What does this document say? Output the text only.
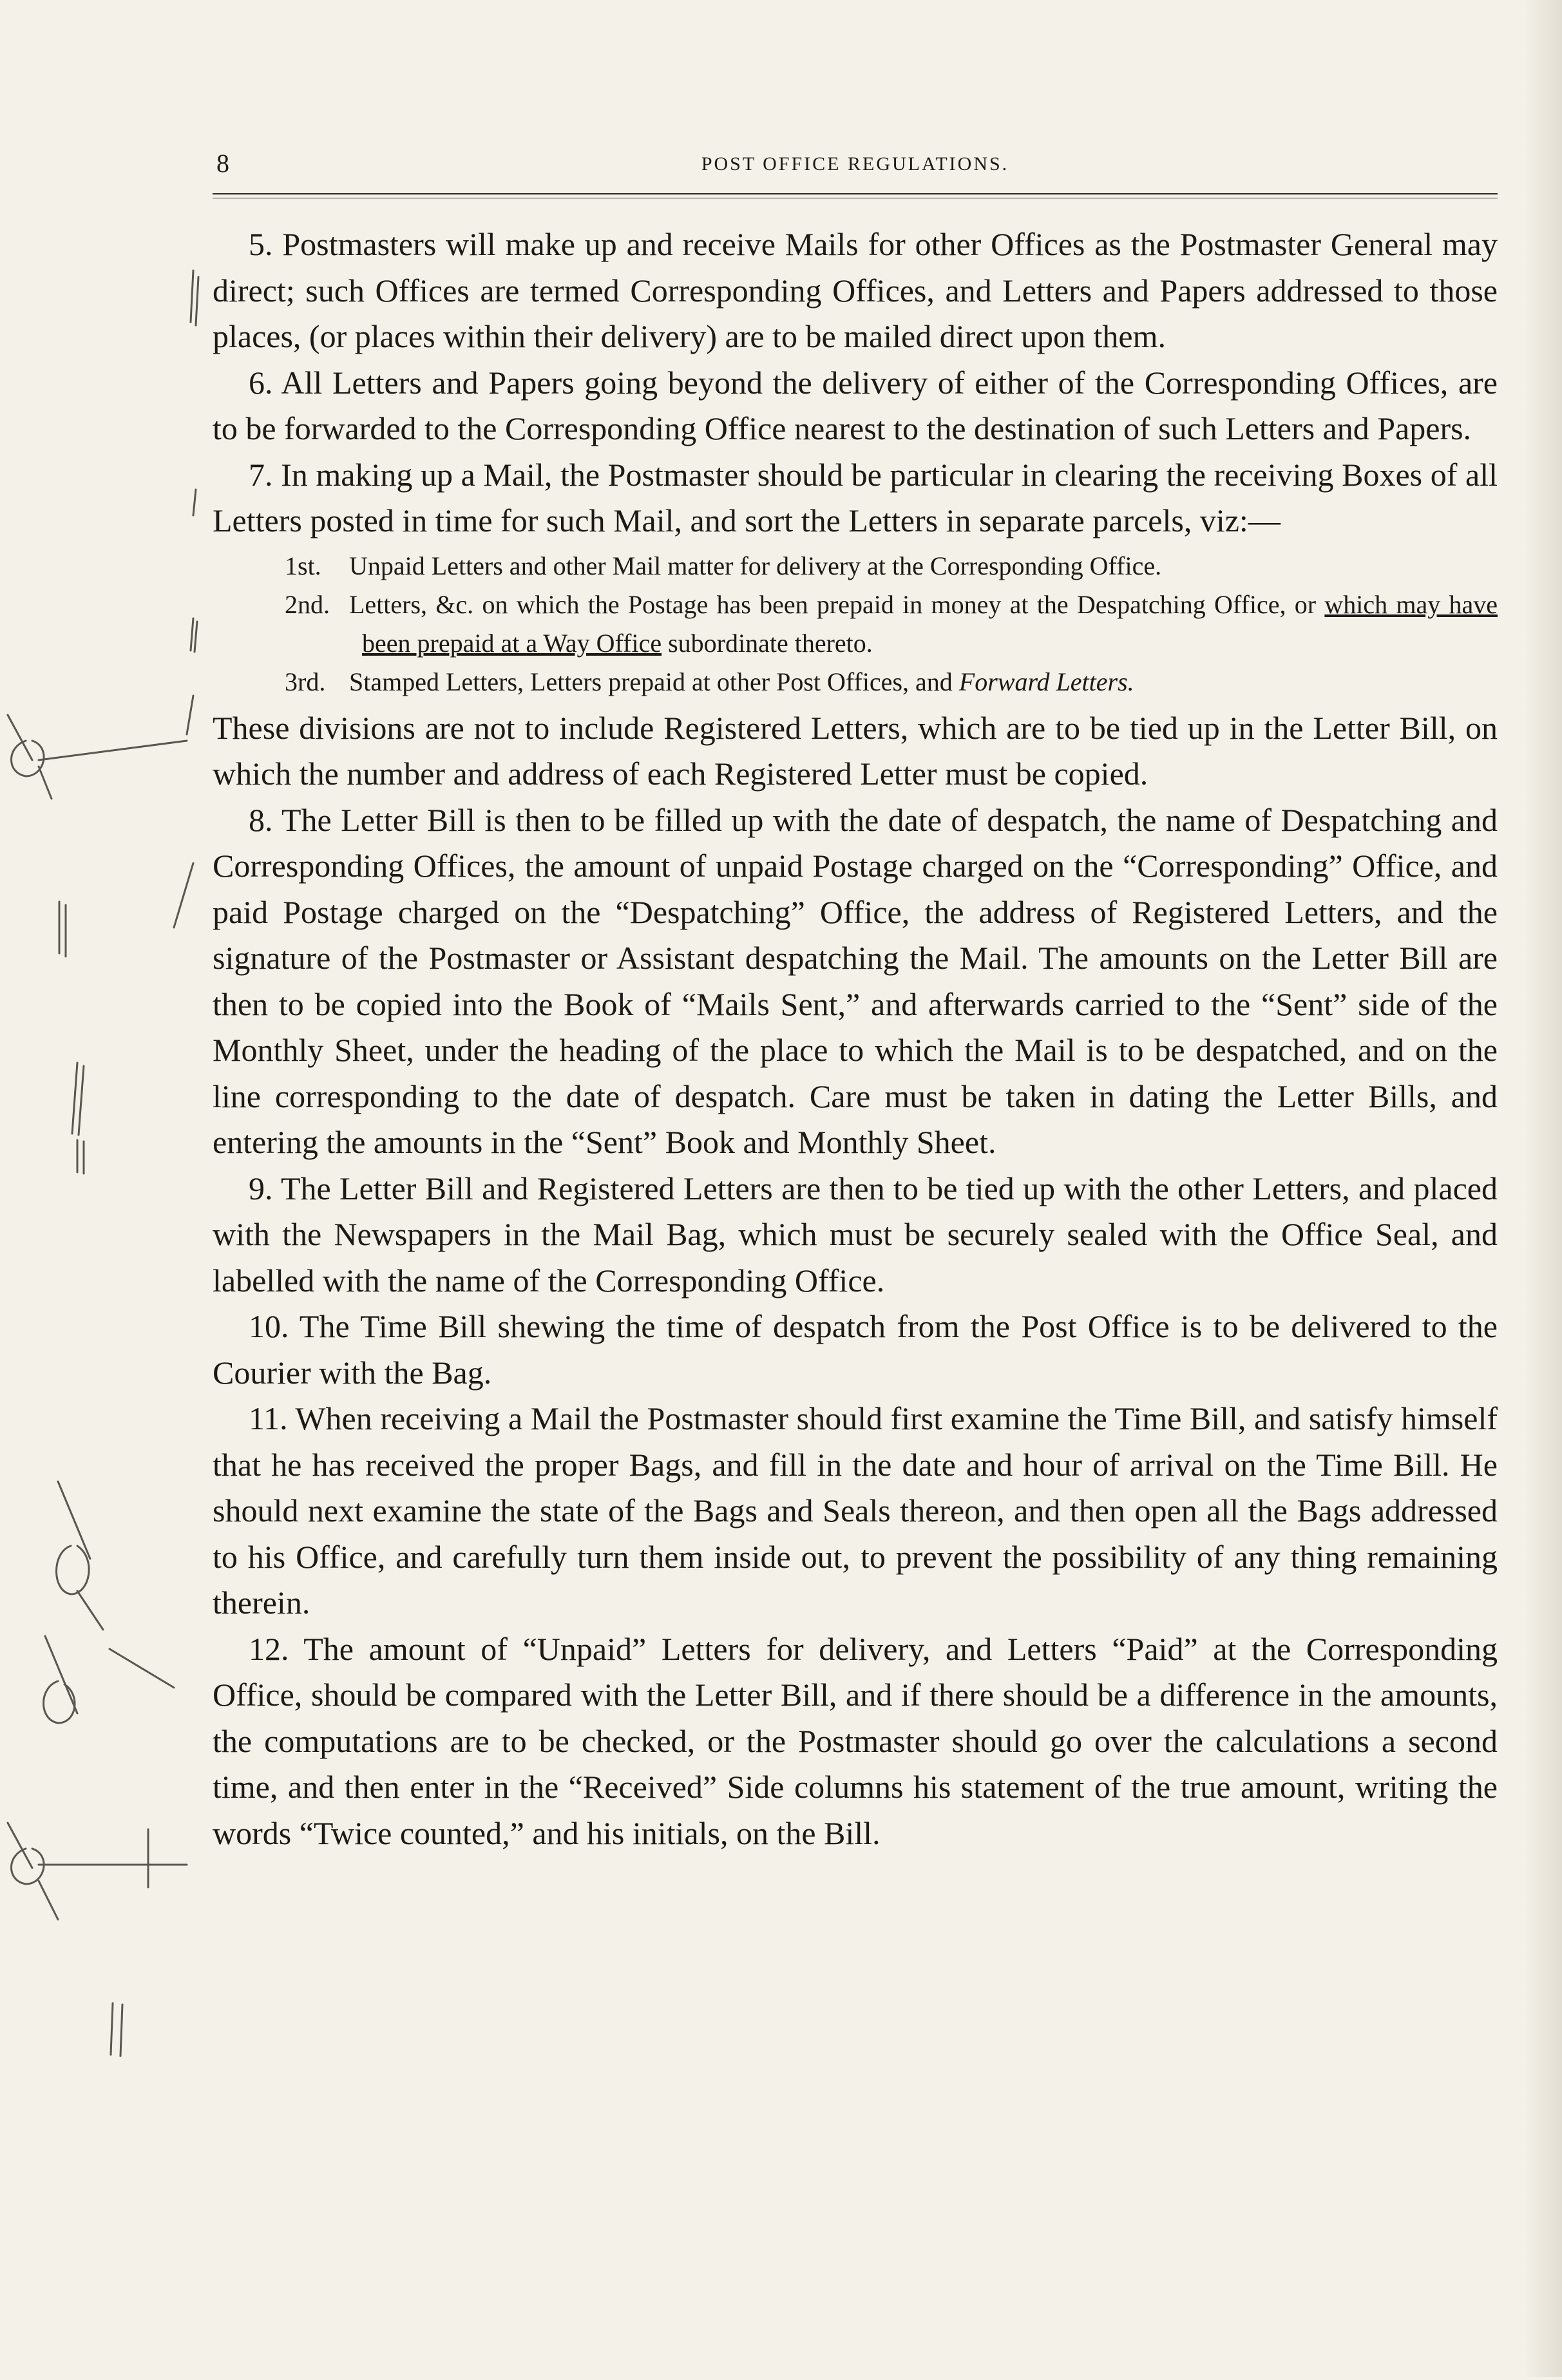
8	POST OFFICE REGULATIONS.

5. Postmasters will make up and receive Mails for other Offices as the Postmaster General may direct; such Offices are termed Corresponding Offices, and Letters and Papers addressed to those places, (or places within their delivery) are to be mailed direct upon them.

6. All Letters and Papers going beyond the delivery of either of the Corresponding Offices, are to be forwarded to the Corresponding Office nearest to the destination of such Letters and Papers.

7. In making up a Mail, the Postmaster should be particular in clearing the receiving Boxes of all Letters posted in time for such Mail, and sort the Letters in separate parcels, viz:—

1st. Unpaid Letters and other Mail matter for delivery at the Corresponding Office.
2nd. Letters, &c. on which the Postage has been prepaid in money at the Despatching Office, or which may have been prepaid at a Way Office subordinate thereto.
3rd. Stamped Letters, Letters prepaid at other Post Offices, and Forward Letters.

These divisions are not to include Registered Letters, which are to be tied up in the Letter Bill, on which the number and address of each Registered Letter must be copied.

8. The Letter Bill is then to be filled up with the date of despatch, the name of Despatching and Corresponding Offices, the amount of unpaid Postage charged on the “Corresponding” Office, and paid Postage charged on the “Despatching” Office, the address of Registered Letters, and the signature of the Postmaster or Assistant despatching the Mail. The amounts on the Letter Bill are then to be copied into the Book of “Mails Sent,” and afterwards carried to the “Sent” side of the Monthly Sheet, under the heading of the place to which the Mail is to be despatched, and on the line corresponding to the date of despatch. Care must be taken in dating the Letter Bills, and entering the amounts in the “Sent” Book and Monthly Sheet.

9. The Letter Bill and Registered Letters are then to be tied up with the other Letters, and placed with the Newspapers in the Mail Bag, which must be securely sealed with the Office Seal, and labelled with the name of the Corresponding Office.

10. The Time Bill shewing the time of despatch from the Post Office is to be delivered to the Courier with the Bag.

11. When receiving a Mail the Postmaster should first examine the Time Bill, and satisfy himself that he has received the proper Bags, and fill in the date and hour of arrival on the Time Bill. He should next examine the state of the Bags and Seals thereon, and then open all the Bags addressed to his Office, and carefully turn them inside out, to prevent the possibility of any thing remaining therein.

12. The amount of “Unpaid” Letters for delivery, and Letters “Paid” at the Corresponding Office, should be compared with the Letter Bill, and if there should be a difference in the amounts, the computations are to be checked, or the Postmaster should go over the calculations a second time, and then enter in the “Received” Side columns his statement of the true amount, writing the words “Twice counted,” and his initials, on the Bill.
